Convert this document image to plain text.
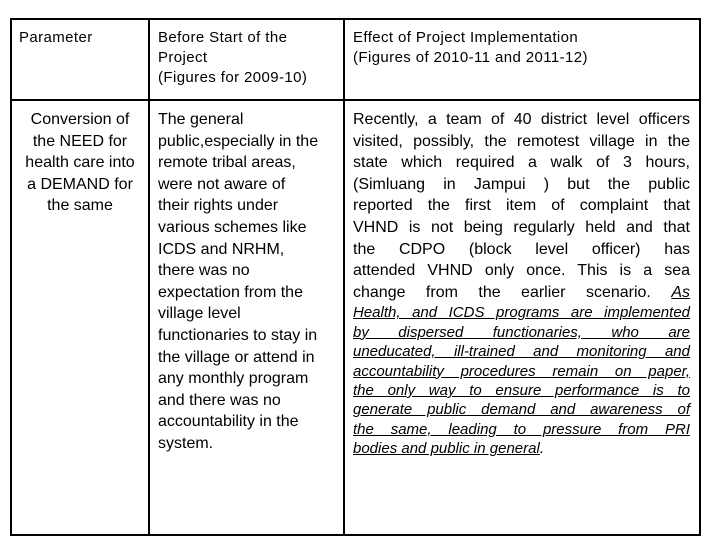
Parameter	Before Start of the
Project
(Figures for 2009-10)
Effect of Project Implementation
(Figures of 2010-11 and 2011-12)
Conversion of
the NEED for
health care into
a DEMAND for
the same
The general
public,especially in the
remote tribal areas,
were not aware of
their rights under
various schemes like
ICDS and NRHM,
there was no
expectation from the
village level
functionaries to stay in
the village or attend in
any monthly program
and there was no
accountability in the
system.
Recently, a team of 40 district level officers
visited, possibly, the remotest village in the
state which required a walk of 3 hours,
(Simluang in Jampui ) but the public
reported the first item of complaint that
VHND is not being regularly held and that
the CDPO (block level officer) has
attended VHND only once. This is a sea
change from the earlier scenario. As
Health, and ICDS programs are implemented
by dispersed functionaries, who are
uneducated, ill-trained and monitoring and
accountability procedures remain on paper,
the only way to ensure performance is to
generate public demand and awareness of
the same, leading to pressure from PRI
bodies and public in general.
